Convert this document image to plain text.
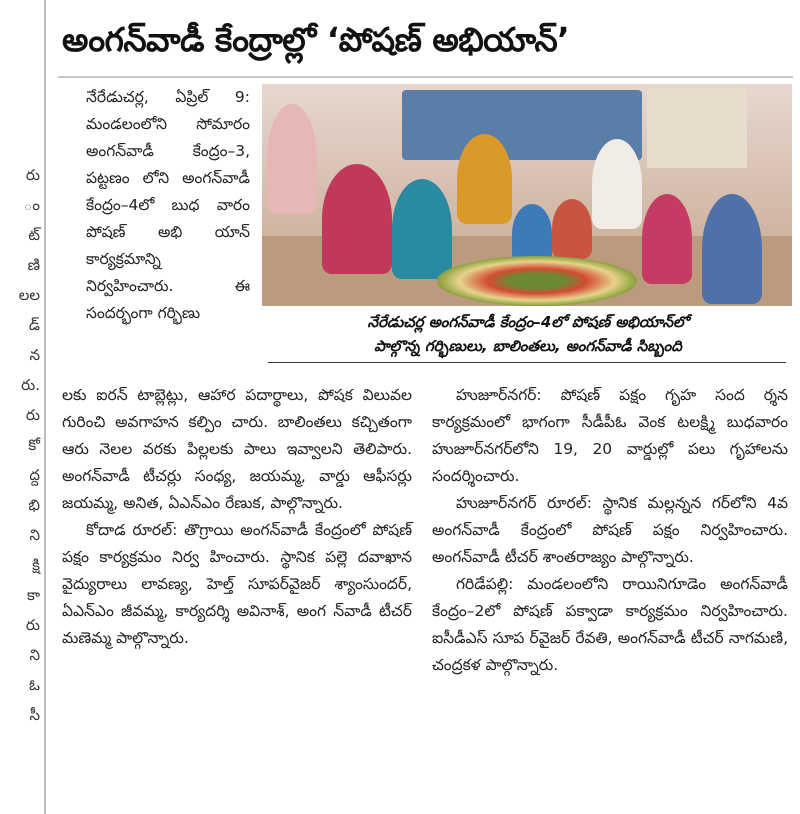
రు
ం
ట్
ణి
లల
డ్
న
రు.
రు
కో
ద్ద
భి
ని
క్షి
కా
రు
ని
ఓ
సీ
అంగన్‌వాడీ కేంద్రాల్లో ‘పోషణ్ అభియాన్’
నేరేడుచర్ల అంగన్‌వాడీ కేంద్రం–4లో పోషణ్ అభియాన్‌లో
పాల్గొన్న గర్భిణులు, బాలింతలు, అంగన్‌వాడీ సిబ్బంది
నేరేడుచర్ల, ఏప్రిల్ 9: మండలంలోని సోమారం అంగన్‌వాడీ కేంద్రం–3, పట్టణం లోని అంగన్‌వాడీ కేంద్రం–4లో బుధ వారం పోషణ్ అభి యాన్ కార్యక్రమాన్ని నిర్వహించారు. ఈ సందర్భంగా గర్భిణు

లకు ఐరన్ టాబ్లెట్లు, ఆహార పదార్థాలు, పోషక విలువల గురించి అవగాహన కల్పిం చారు. బాలింతలు కచ్చితంగా ఆరు నెలల వరకు పిల్లలకు పాలు ఇవ్వాలని తెలిపారు. అంగన్‌వాడీ టీచర్లు సంధ్య, జయమ్మ, వార్డు ఆఫీసర్లు జయమ్మ, అనిత, ఏఎన్ఎం రేణుక, పాల్గొన్నారు.

కోదాడ రూరల్: తొగ్రాయి అంగన్‌వాడీ కేంద్రంలో పోషణ్ పక్షం కార్యక్రమం నిర్వ హించారు. స్థానిక పల్లె దవాఖాన వైద్యురాలు లావణ్య, హెల్త్ సూపర్‌వైజర్ శ్యాంసుందర్, ఏఎన్ఎం జీవమ్మ, కార్యదర్శి అవినాశ్, అంగ న్‌వాడీ టీచర్ మణెమ్మ పాల్గొన్నారు.

హుజూర్‌నగర్: పోషణ్ పక్షం గృహ సంద ర్శన కార్యక్రమంలో భాగంగా సీడీపీఓ వెంక టలక్ష్మి బుధవారం హుజూర్‌నగర్‌లోని 19, 20 వార్డుల్లో పలు గృహాలను సందర్శించారు.

హుజూర్‌నగర్ రూరల్: స్థానిక మల్లన్నన గర్‌లోని 4వ అంగన్‌వాడీ కేంద్రంలో పోషణ్ పక్షం నిర్వహించారు. అంగన్‌వాడీ టీచర్ శాంతరాజ్యం పాల్గొన్నారు.

గరిడేపల్లి: మండలంలోని రాయినిగూడెం అంగన్‌వాడీ కేంద్రం–2లో పోషణ్ పక్వాడా కార్యక్రమం నిర్వహించారు. ఐసీడీఎస్ సూప ర్‌వైజర్ రేవతి, అంగన్‌వాడీ టీచర్ నాగమణి, చంద్రకళ పాల్గొన్నారు.
